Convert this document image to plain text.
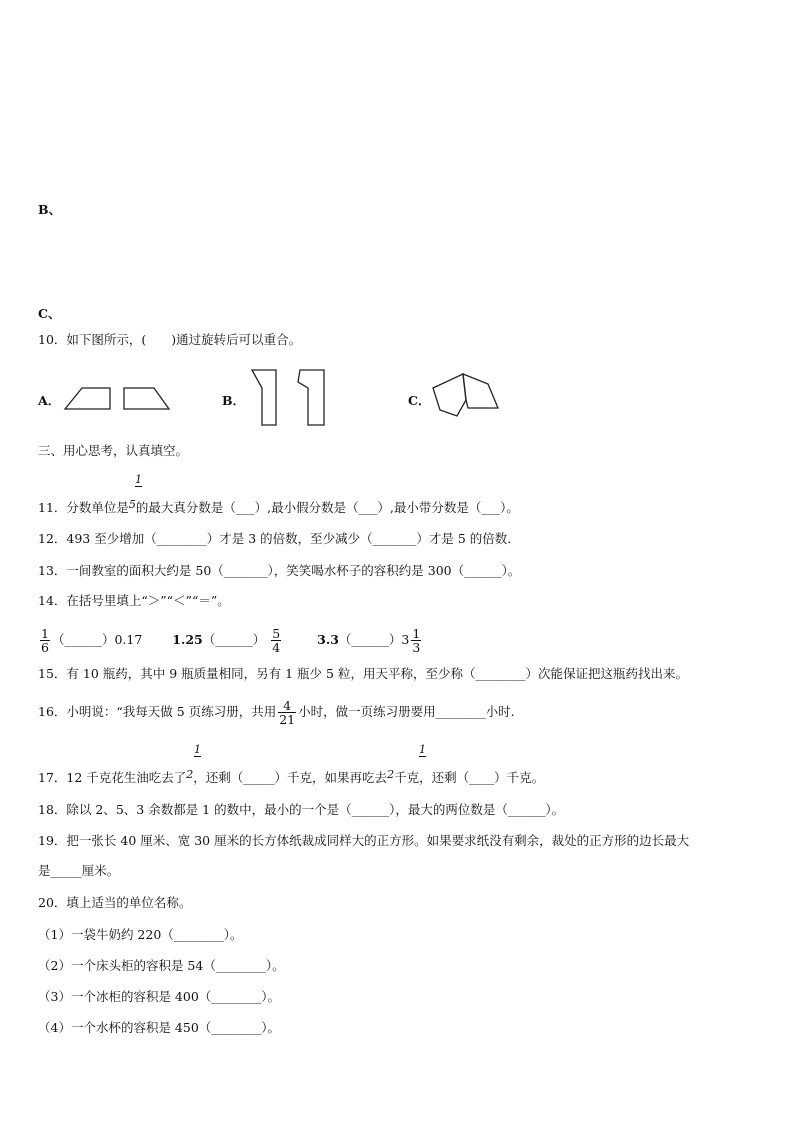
B、
C、
10．如下图所示，(　　)通过旋转后可以重合。
A．	B．	C．
三、用心思考，认真填空。
1
11．分数单位是5的最大真分数是（___）,最小假分数是（___）,最小带分数是（___）。
12．493 至少增加（________）才是 3 的倍数，至少减少（_______）才是 5 的倍数.
13．一间教室的面积大约是 50（_______），笑笑喝水杯子的容积约是 300（______）。
14．在括号里填上“＞”“＜”“＝”。
$\frac{1}{6}$ （______）0.17 1.25（______） $\frac{5}{4}$	3.3（______）3 $\frac{1}{3}$
15．有 10 瓶药，其中 9 瓶质量相同，另有 1 瓶少 5 粒，用天平称，至少称（________）次能保证把这瓶药找出来。
16．小明说：“我每天做 5 页练习册，共用 $\frac{4}{21}$ 小时，做一页练习册要用________小时.
1	1
17．12 千克花生油吃去了2，还剩（_____）千克，如果再吃去2千克，还剩（____）千克。
18．除以 2、5、3 余数都是 1 的数中，最小的一个是（______），最大的两位数是（______）。
19．把一张长 40 厘米、宽 30 厘米的长方体纸裁成同样大的正方形。如果要求纸没有剩余，裁处的正方形的边长最大
是_____厘米。
20．填上适当的单位名称。
（1）一袋牛奶约 220（________）。
（2）一个床头柜的容积是 54（________）。
（3）一个冰柜的容积是 400（________）。
（4）一个水杯的容积是 450（________）。
